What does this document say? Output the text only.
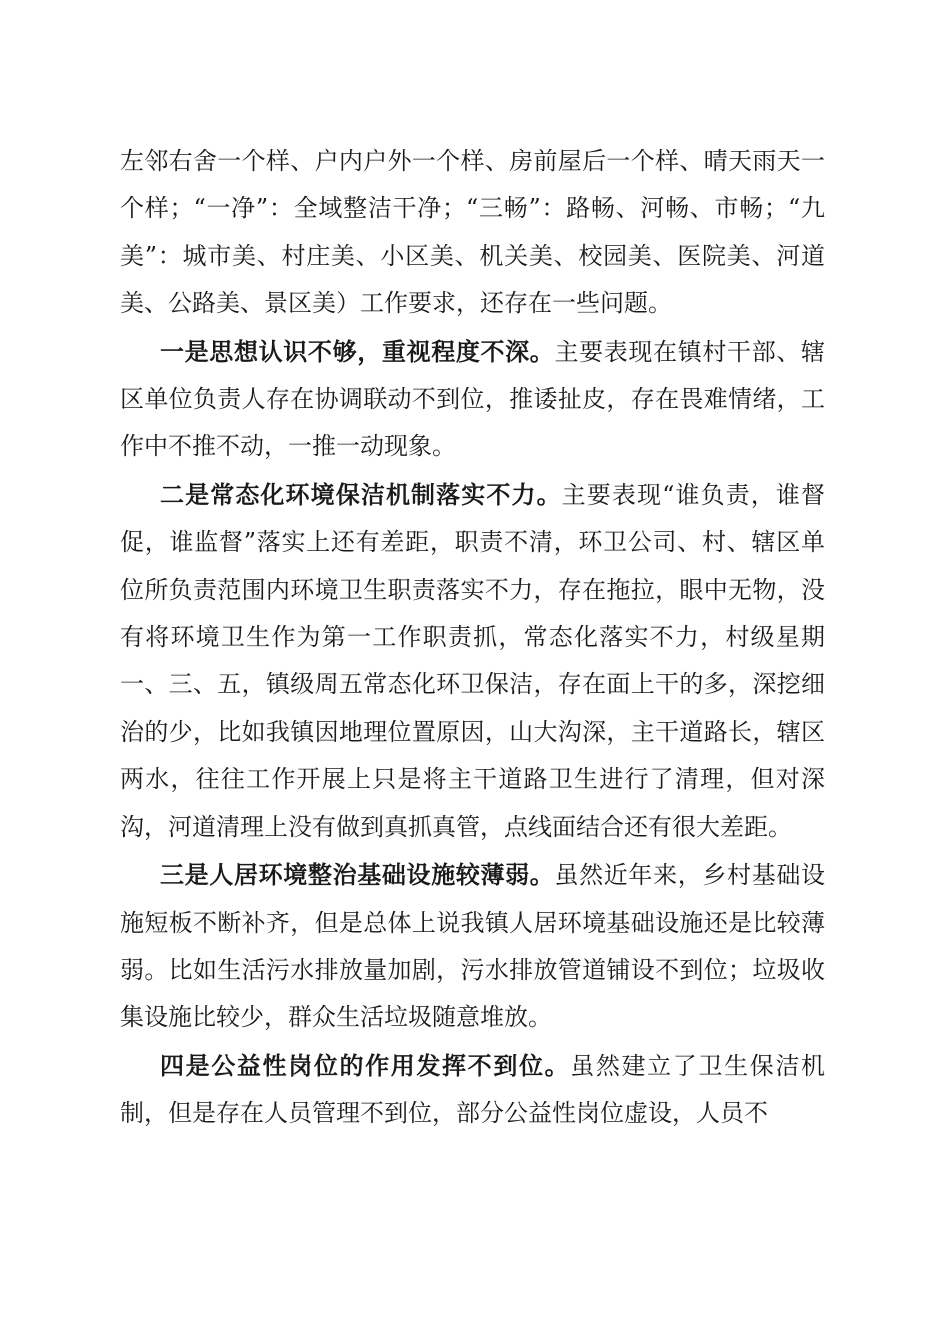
左邻右舍一个样、户内户外一个样、房前屋后一个样、晴天雨天一个样；“一净”：全域整洁干净；“三畅”：路畅、河畅、市畅；“九美”：城市美、村庄美、小区美、机关美、校园美、医院美、河道美、公路美、景区美）工作要求，还存在一些问题。

一是思想认识不够，重视程度不深。主要表现在镇村干部、辖区单位负责人存在协调联动不到位，推诿扯皮，存在畏难情绪，工作中不推不动，一推一动现象。

二是常态化环境保洁机制落实不力。主要表现“谁负责，谁督促，谁监督”落实上还有差距，职责不清，环卫公司、村、辖区单位所负责范围内环境卫生职责落实不力，存在拖拉，眼中无物，没有将环境卫生作为第一工作职责抓，常态化落实不力，村级星期一、三、五，镇级周五常态化环卫保洁，存在面上干的多，深挖细治的少，比如我镇因地理位置原因，山大沟深，主干道路长，辖区两水，往往工作开展上只是将主干道路卫生进行了清理，但对深沟，河道清理上没有做到真抓真管，点线面结合还有很大差距。

三是人居环境整治基础设施较薄弱。虽然近年来，乡村基础设施短板不断补齐，但是总体上说我镇人居环境基础设施还是比较薄弱。比如生活污水排放量加剧，污水排放管道铺设不到位；垃圾收集设施比较少，群众生活垃圾随意堆放。

四是公益性岗位的作用发挥不到位。虽然建立了卫生保洁机制，但是存在人员管理不到位，部分公益性岗位虚设，人员不
